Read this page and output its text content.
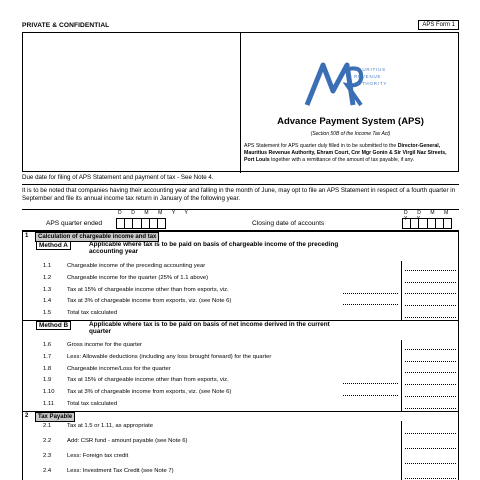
PRIVATE & CONFIDENTIAL	APS Form 1
MAURITIUS
REVENUE
AUTHORITY
Advance Payment System (APS)
(Section 50B of the Income Tax Act)
APS Statement for APS quarter duly filled in to be submitted to the Director-General, Mauritius Revenue Authority, Ehram Court, Cnr Mgr Gonin & Sir Virgil Naz Streets, Port Louis together with a remittance of the amount of tax payable, if any.
Due date for filing of APS Statement and payment of tax - See Note 4.
It is to be noted that companies having their accounting year and falling in the month of June, may opt to file an APS Statement in respect of a fourth quarter in September and file its annual income tax return in January of the following year.
APS quarter ended
D D M M Y Y
Closing date of accounts
D D M M Y Y
1	Calculation of chargeable income and tax
Method A	Applicable where tax is to be paid on basis of chargeable income of the preceding accounting year
1.1	Chargeable income of the preceding accounting year
1.2	Chargeable income for the quarter (25% of 1.1 above)
1.3	Tax at 15% of chargeable income other than from exports, viz.
1.4	Tax at 3% of chargeable income from exports, viz. (see Note 6)
1.5	Total tax calculated
Method B	Applicable where tax is to be paid on basis of net income derived in the current quarter
1.6	Gross income for the quarter
1.7	Less: Allowable deductions (including any loss brought forward) for the quarter
1.8	Chargeable income/Loss for the quarter
1.9	Tax at 15% of chargeable income other than from exports, viz.
1.10 Tax at 3% of chargeable income from exports, viz. (see Note 6)
1.11 Total tax calculated
2	Tax Payable
2.1	Tax at 1.5 or 1.11, as appropriate
2.2	Add: CSR fund - amount payable (see Note 6)
2.3	Less: Foreign tax credit
2.4	Less: Investment Tax Credit (see Note 7)
